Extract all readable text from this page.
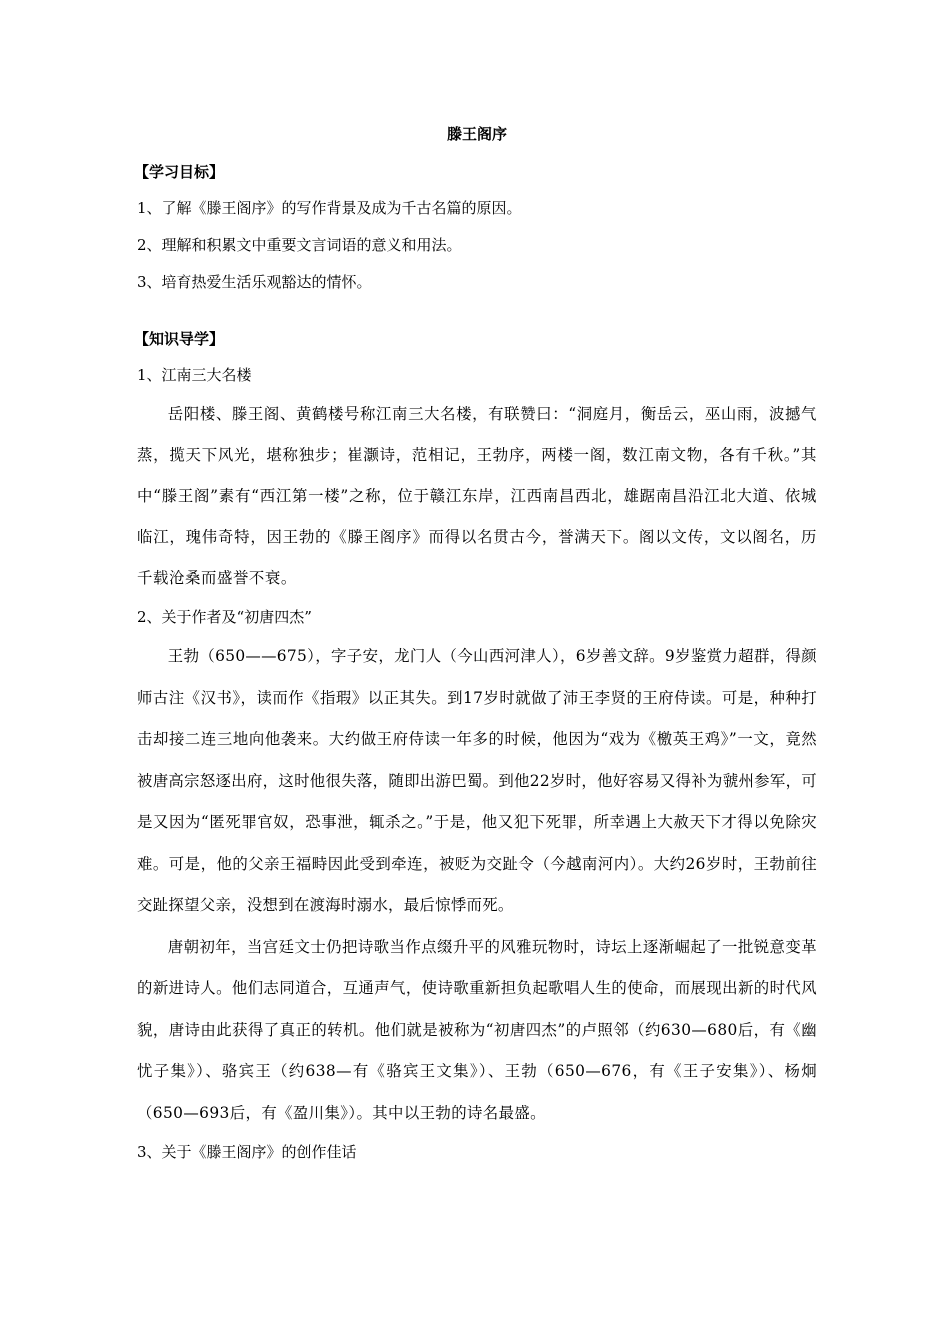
滕王阁序
【学习目标】
1、了解《滕王阁序》的写作背景及成为千古名篇的原因。
2、理解和积累文中重要文言词语的意义和用法。
3、培育热爱生活乐观豁达的情怀。
【知识导学】
1、江南三大名楼

岳阳楼、滕王阁、黄鹤楼号称江南三大名楼，有联赞曰：“洞庭月，衡岳云，巫山雨，波撼气蒸，揽天下风光，堪称独步；崔灏诗，范相记，王勃序，两楼一阁，数江南文物，各有千秋。”其中“滕王阁”素有“西江第一楼”之称，位于赣江东岸，江西南昌西北，雄踞南昌沿江北大道、依城临江，瑰伟奇特，因王勃的《滕王阁序》而得以名贯古今，誉满天下。阁以文传，文以阁名，历千载沧桑而盛誉不衰。

2、关于作者及“初唐四杰”

王勃（650——675），字子安，龙门人（今山西河津人），6岁善文辞。9岁鉴赏力超群，得颜师古注《汉书》，读而作《指瑕》以正其失。到17岁时就做了沛王李贤的王府侍读。可是，种种打击却接二连三地向他袭来。大约做王府侍读一年多的时候，他因为“戏为《檄英王鸡》”一文，竟然被唐高宗怒逐出府，这时他很失落，随即出游巴蜀。到他22岁时，他好容易又得补为虢州参军，可是又因为“匿死罪官奴，恐事泄，辄杀之。”于是，他又犯下死罪，所幸遇上大赦天下才得以免除灾难。可是，他的父亲王福畤因此受到牵连，被贬为交趾令（今越南河内）。大约26岁时，王勃前往交趾探望父亲，没想到在渡海时溺水，最后惊悸而死。

唐朝初年，当宫廷文士仍把诗歌当作点缀升平的风雅玩物时，诗坛上逐渐崛起了一批锐意变革的新进诗人。他们志同道合，互通声气，使诗歌重新担负起歌唱人生的使命，而展现出新的时代风貌，唐诗由此获得了真正的转机。他们就是被称为“初唐四杰”的卢照邻（约630—680后，有《幽忧子集》）、骆宾王（约638—有《骆宾王文集》）、王勃（650—676，有《王子安集》）、杨炯（650—693后，有《盈川集》）。其中以王勃的诗名最盛。

3、关于《滕王阁序》的创作佳话
